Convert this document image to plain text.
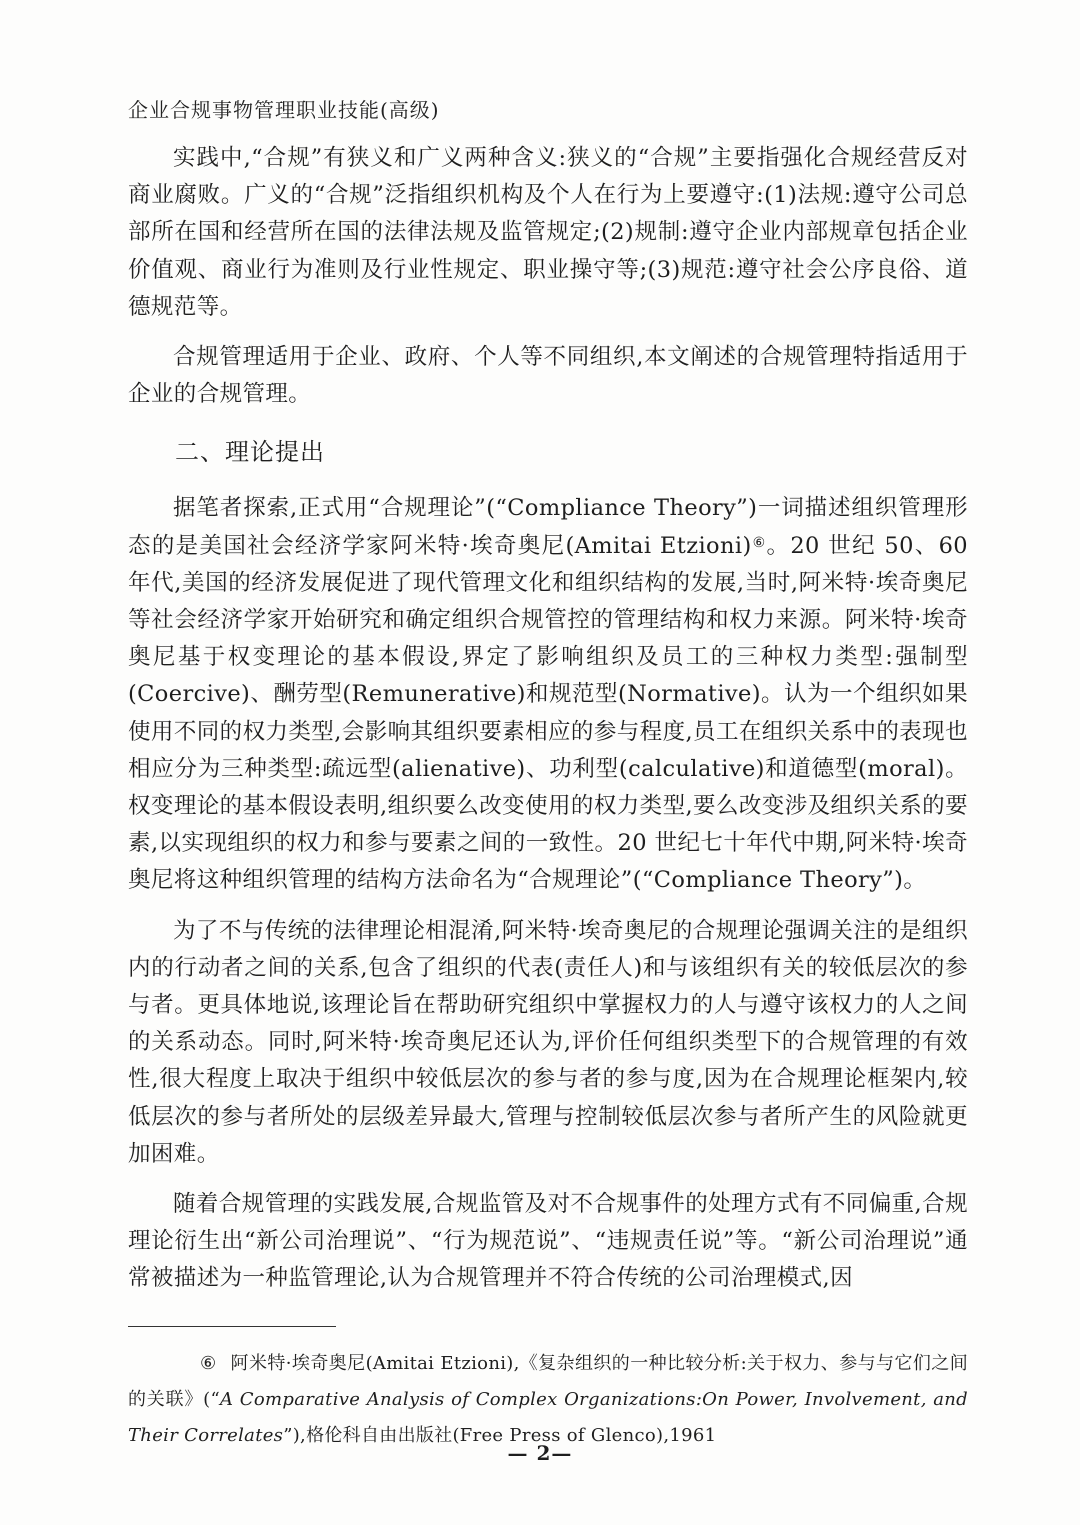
企业合规事物管理职业技能(高级)

实践中,“合规”有狭义和广义两种含义:狭义的“合规”主要指强化合规经营反对商业腐败。广义的“合规”泛指组织机构及个人在行为上要遵守:(1)法规:遵守公司总部所在国和经营所在国的法律法规及监管规定;(2)规制:遵守企业内部规章包括企业价值观、商业行为准则及行业性规定、职业操守等;(3)规范:遵守社会公序良俗、道德规范等。

合规管理适用于企业、政府、个人等不同组织,本文阐述的合规管理特指适用于企业的合规管理。

二、理论提出

据笔者探索,正式用“合规理论”(“Compliance Theory”)一词描述组织管理形态的是美国社会经济学家阿米特·埃奇奥尼(Amitai Etzioni)⑥。20 世纪 50、60 年代,美国的经济发展促进了现代管理文化和组织结构的发展,当时,阿米特·埃奇奥尼等社会经济学家开始研究和确定组织合规管控的管理结构和权力来源。阿米特·埃奇奥尼基于权变理论的基本假设,界定了影响组织及员工的三种权力类型:强制型(Coercive)、酬劳型(Remunerative)和规范型(Normative)。认为一个组织如果使用不同的权力类型,会影响其组织要素相应的参与程度,员工在组织关系中的表现也相应分为三种类型:疏远型(alienative)、功利型(calculative)和道德型(moral)。权变理论的基本假设表明,组织要么改变使用的权力类型,要么改变涉及组织关系的要素,以实现组织的权力和参与要素之间的一致性。20 世纪七十年代中期,阿米特·埃奇奥尼将这种组织管理的结构方法命名为“合规理论”(“Compliance Theory”)。

为了不与传统的法律理论相混淆,阿米特·埃奇奥尼的合规理论强调关注的是组织内的行动者之间的关系,包含了组织的代表(责任人)和与该组织有关的较低层次的参与者。更具体地说,该理论旨在帮助研究组织中掌握权力的人与遵守该权力的人之间的关系动态。同时,阿米特·埃奇奥尼还认为,评价任何组织类型下的合规管理的有效性,很大程度上取决于组织中较低层次的参与者的参与度,因为在合规理论框架内,较低层次的参与者所处的层级差异最大,管理与控制较低层次参与者所产生的风险就更加困难。

随着合规管理的实践发展,合规监管及对不合规事件的处理方式有不同偏重,合规理论衍生出“新公司治理说”、“行为规范说”、“违规责任说”等。“新公司治理说”通常被描述为一种监管理论,认为合规管理并不符合传统的公司治理模式,因

⑥ 阿米特·埃奇奥尼(Amitai Etzioni),《复杂组织的一种比较分析:关于权力、参与与它们之间的关联》(“A Comparative Analysis of Complex Organizations:On Power, Involvement, and Their Correlates”),格伦科自由出版社(Free Press of Glenco),1961
— 2—
